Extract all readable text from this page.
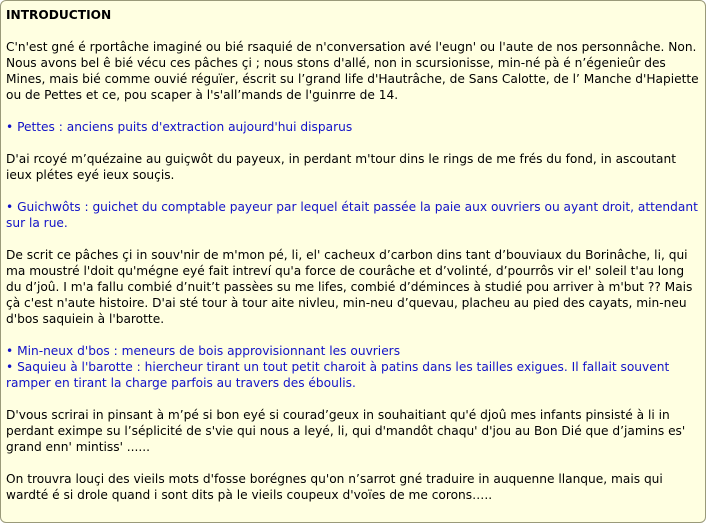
INTRODUCTION

C'n'est gné é rportâche imaginé ou bié rsaquié de n'conversation avé l'eugn' ou l'aute de nos personnâche. Non. Nous avons bel ê bié vécu ces pâches çi ; nous stons d'allé, non in scursionisse, min-né pà é n’égenieûr des Mines, mais bié comme ouvié réguïer, éscrit su l’grand life d'Hautrâche, de Sans Calotte, de l’ Manche d'Hapiette ou de Pettes et ce, pou scaper à l's'all’mands de l'guinrre de 14.

• Pettes : anciens puits d'extraction aujourd'hui disparus

D'ai rcoyé m’quézaine au guiçwôt du payeux, in perdant m'tour dins le rings de me frés du fond, in ascoutant ieux plétes eyé ieux souçis.

• Guichwôts : guichet du comptable payeur par lequel était passée la paie aux ouvriers ou ayant droit, attendant sur la rue.

De scrit ce pâches çi in souv'nir de m'mon pé, li, el' cacheux d’carbon dins tant d’bouviaux du Borinâche, li, qui ma moustré l'doit qu'mégne eyé fait intreví qu'a force de courâche et d’volinté, d’pourrôs vir el' soleil t'au long du d’joû. I m'a fallu combié d’nuit’t passèes su me lifes, combié d’déminces à studié pou arriver à m'but ?? Mais çà c'est n'aute histoire. D'ai sté tour à tour aite nivleu, min-neu d’quevau, placheu au pied des cayats, min-neu d'bos saquiein à l'barotte.

• Min-neux d'bos : meneurs de bois approvisionnant les ouvriers

• Saquieu à l'barotte : hiercheur tirant un tout petit charoit à patins dans les tailles exigues. Il fallait souvent ramper en tirant la charge parfois au travers des éboulis.

D'vous scrirai in pinsant à m’pé si bon eyé si courad’geux in souhaitiant qu'é djoû mes infants pinsisté à li in perdant eximpe su l’séplicité de s'vie qui nous a leyé, li, qui d'mandôt chaqu' d'jou au Bon Dié que d’jamins es' grand enn' mintiss' ......

On trouvra louçi des vieils mots d'fosse borégnes qu'on n’sarrot gné traduire in auquenne llanque, mais qui wardté é si drole quand i sont dits pà le vieils coupeux d'voïes de me corons…..
